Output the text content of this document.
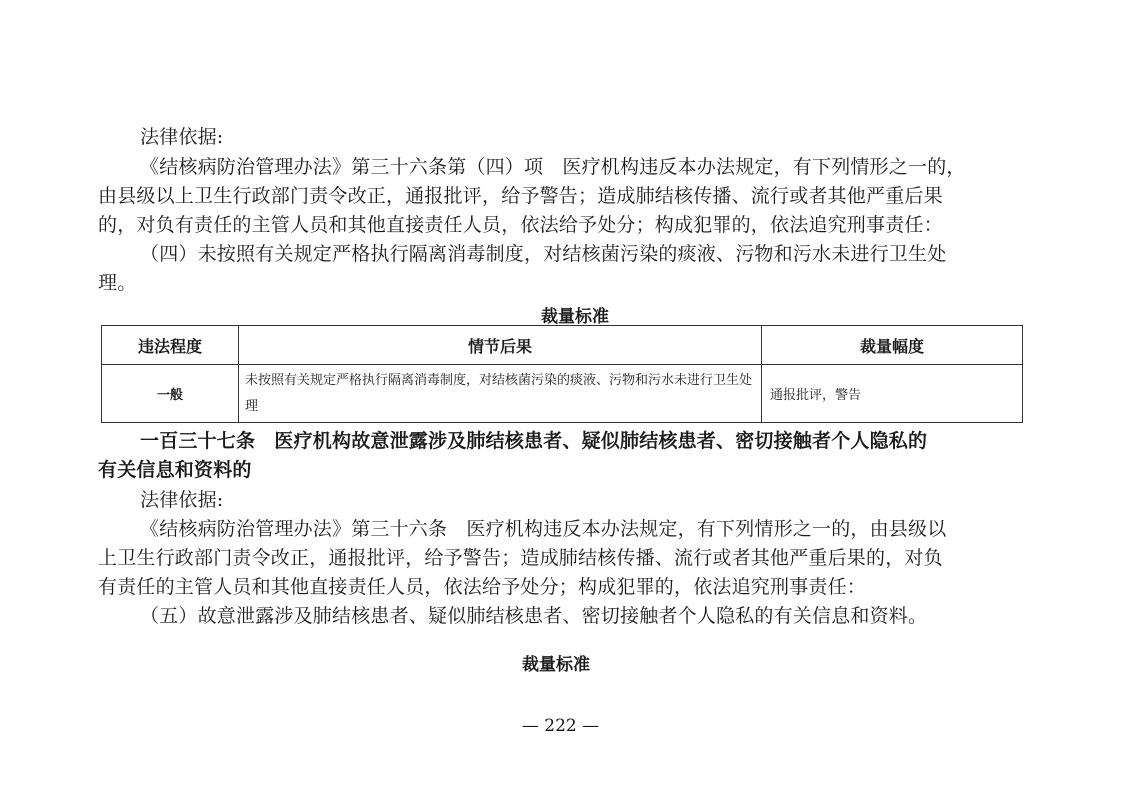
法律依据:
《结核病防治管理办法》第三十六条第（四）项　医疗机构违反本办法规定，有下列情形之一的，
由县级以上卫生行政部门责令改正，通报批评，给予警告；造成肺结核传播、流行或者其他严重后果
的，对负有责任的主管人员和其他直接责任人员，依法给予处分；构成犯罪的，依法追究刑事责任：
（四）未按照有关规定严格执行隔离消毒制度，对结核菌污染的痰液、污物和污水未进行卫生处
理。
裁量标准
违法程度	情节后果	裁量幅度
一般	未按照有关规定严格执行隔离消毒制度，对结核菌污染的痰液、污物和污水未进行卫生处理	通报批评，警告
一百三十七条　医疗机构故意泄露涉及肺结核患者、疑似肺结核患者、密切接触者个人隐私的
有关信息和资料的
法律依据:
《结核病防治管理办法》第三十六条　医疗机构违反本办法规定，有下列情形之一的，由县级以
上卫生行政部门责令改正，通报批评，给予警告；造成肺结核传播、流行或者其他严重后果的，对负
有责任的主管人员和其他直接责任人员，依法给予处分；构成犯罪的，依法追究刑事责任：
（五）故意泄露涉及肺结核患者、疑似肺结核患者、密切接触者个人隐私的有关信息和资料。
裁量标准
— 222 —
